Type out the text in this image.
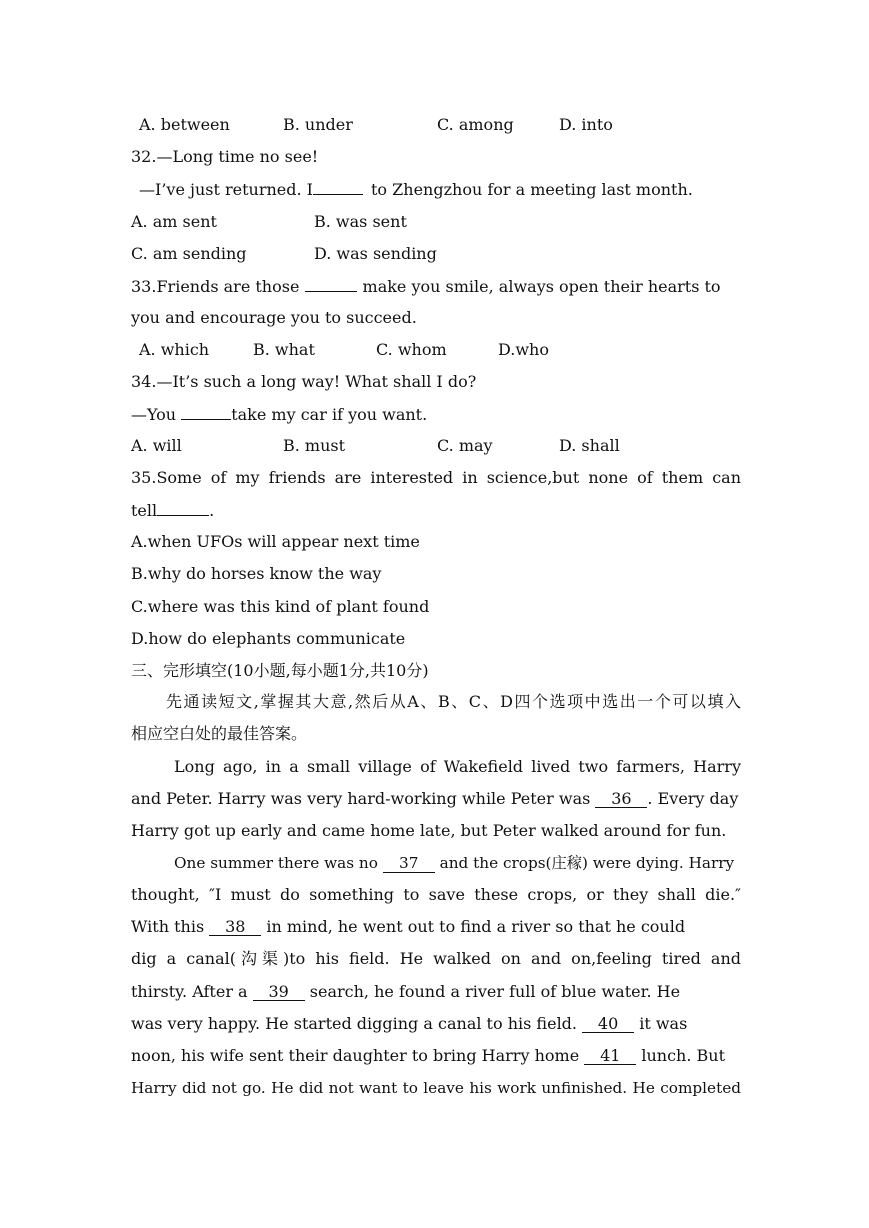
A. between	B. under	C. among	D. into
32.—Long time no see!
—I’ve just returned. I	to Zhengzhou for a meeting last month.
A. am sent	B. was sent
C. am sending	D. was sending
33.Friends are those	make you smile, always open their hearts to
you and encourage you to succeed.
A. which	B. what	C. whom	D.who
34.—It’s such a long way! What shall I do?
—You	take my car if you want.
A. will	B. must	C. may	D. shall
35.Some of my friends are interested in science,but none of them can
tell	.
A.when UFOs will appear next time
B.why do horses know the way
C.where was this kind of plant found
D.how do elephants communicate
三、完形填空(10小题,每小题1分,共10分)
先通读短文,掌握其大意,然后从A、B、C、D四个选项中选出一个可以填入
相应空白处的最佳答案。
Long ago, in a small village of Wakefield lived two farmers, Harry
and Peter. Harry was very hard-working while Peter was 36 . Every day
Harry got up early and came home late, but Peter walked around for fun.
One summer there was no 37 and the crops(庄稼) were dying. Harry
thought, ″I must do something to save these crops, or they shall die.″
With this 38 in mind, he went out to find a river so that he could
dig a canal(沟渠)to his field. He walked on and on,feeling tired and
thirsty. After a 39 search, he found a river full of blue water. He
was very happy. He started digging a canal to his field. 40 it was
noon, his wife sent their daughter to bring Harry home 41 lunch. But
Harry did not go. He did not want to leave his work unfinished. He completed
